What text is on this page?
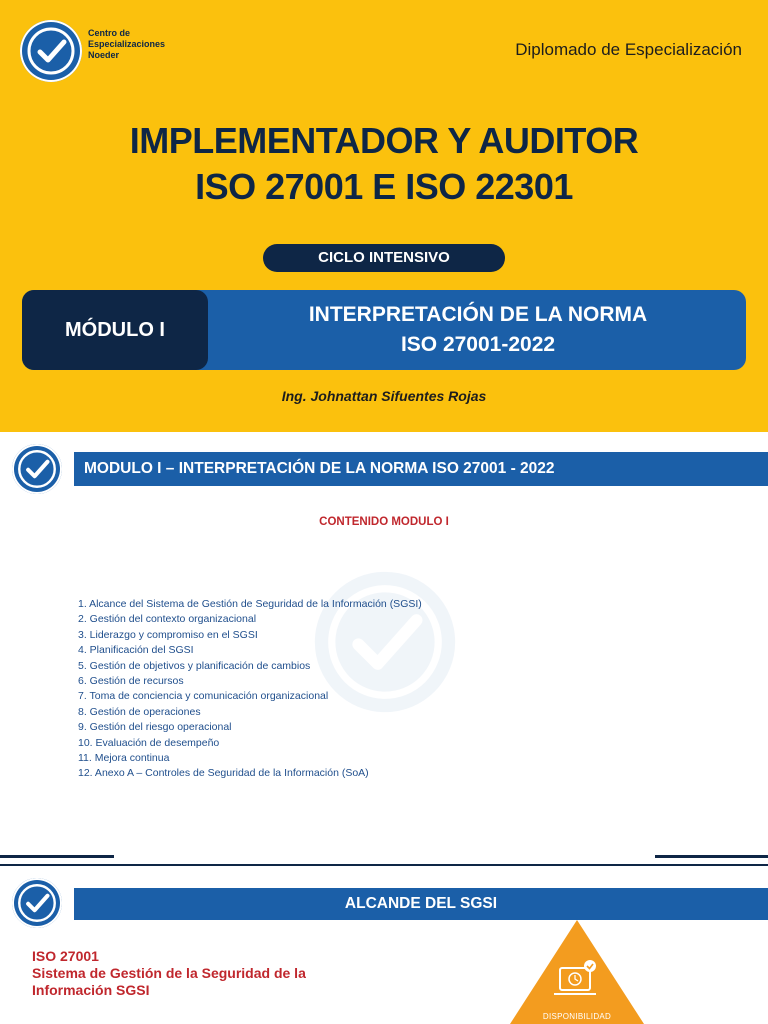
Centro de
Especializaciones
Noeder	Diplomado de Especialización
IMPLEMENTADOR Y AUDITOR
ISO 27001 E ISO 22301
CICLO INTENSIVO
MÓDULO I
INTERPRETACIÓN DE LA NORMA
ISO 27001-2022
Ing. Johnattan Sifuentes Rojas
MODULO I – INTERPRETACIÓN DE LA NORMA ISO 27001 - 2022
CONTENIDO MODULO I
1. Alcance del Sistema de Gestión de Seguridad de la Información (SGSI)
2. Gestión del contexto organizacional
3. Liderazgo y compromiso en el SGSI
4. Planificación del SGSI
5. Gestión de objetivos y planificación de cambios
6. Gestión de recursos
7. Toma de conciencia y comunicación organizacional
8. Gestión de operaciones
9. Gestión del riesgo operacional
10. Evaluación de desempeño
11. Mejora continua
12. Anexo A – Controles de Seguridad de la Información (SoA)
ALCANDE DEL SGSI
ISO 27001
Sistema de Gestión de la Seguridad de la
Información SGSI
DISPONIBILIDAD
